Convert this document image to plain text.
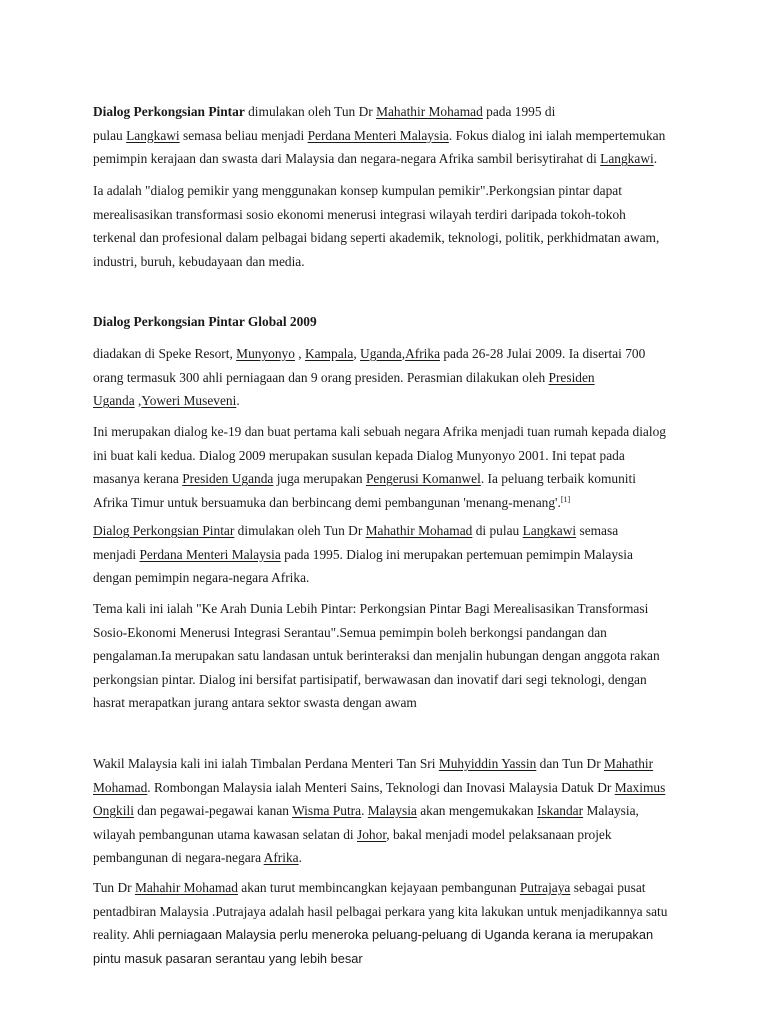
Dialog Perkongsian Pintar dimulakan oleh Tun Dr Mahathir Mohamad pada 1995 di
pulau Langkawi semasa beliau menjadi Perdana Menteri Malaysia. Fokus dialog ini ialah mempertemukan
pemimpin kerajaan dan swasta dari Malaysia dan negara-negara Afrika sambil berisytirahat di Langkawi.
Ia adalah "dialog pemikir yang menggunakan konsep kumpulan pemikir".Perkongsian pintar dapat
merealisasikan transformasi sosio ekonomi menerusi integrasi wilayah terdiri daripada tokoh-tokoh
terkenal dan profesional dalam pelbagai bidang seperti akademik, teknologi, politik, perkhidmatan awam,
industri, buruh, kebudayaan dan media.
Dialog Perkongsian Pintar Global 2009
diadakan di Speke Resort, Munyonyo , Kampala, Uganda,Afrika pada 26-28 Julai 2009. Ia disertai 700
orang termasuk 300 ahli perniagaan dan 9 orang presiden. Perasmian dilakukan oleh Presiden
Uganda ,Yoweri Museveni.
Ini merupakan dialog ke-19 dan buat pertama kali sebuah negara Afrika menjadi tuan rumah kepada dialog
ini buat kali kedua. Dialog 2009 merupakan susulan kepada Dialog Munyonyo 2001. Ini tepat pada
masanya kerana Presiden Uganda juga merupakan Pengerusi Komanwel. Ia peluang terbaik komuniti
Afrika Timur untuk bersuamuka dan berbincang demi pembangunan 'menang-menang'.[1]
Dialog Perkongsian Pintar dimulakan oleh Tun Dr Mahathir Mohamad di pulau Langkawi semasa
menjadi Perdana Menteri Malaysia pada 1995. Dialog ini merupakan pertemuan pemimpin Malaysia
dengan pemimpin negara-negara Afrika.
Tema kali ini ialah "Ke Arah Dunia Lebih Pintar: Perkongsian Pintar Bagi Merealisasikan Transformasi
Sosio-Ekonomi Menerusi Integrasi Serantau".Semua pemimpin boleh berkongsi pandangan dan
pengalaman.Ia merupakan satu landasan untuk berinteraksi dan menjalin hubungan dengan anggota rakan
perkongsian pintar. Dialog ini bersifat partisipatif, berwawasan dan inovatif dari segi teknologi, dengan
hasrat merapatkan jurang antara sektor swasta dengan awam
Wakil Malaysia kali ini ialah Timbalan Perdana Menteri Tan Sri Muhyiddin Yassin dan Tun Dr Mahathir
Mohamad. Rombongan Malaysia ialah Menteri Sains, Teknologi dan Inovasi Malaysia Datuk Dr Maximus
Ongkili dan pegawai-pegawai kanan Wisma Putra. Malaysia akan mengemukakan Iskandar Malaysia,
wilayah pembangunan utama kawasan selatan di Johor, bakal menjadi model pelaksanaan projek
pembangunan di negara-negara Afrika.
Tun Dr Mahahir Mohamad akan turut membincangkan kejayaan pembangunan Putrajaya sebagai pusat
pentadbiran Malaysia .Putrajaya adalah hasil pelbagai perkara yang kita lakukan untuk menjadikannya satu
reality. Ahli perniagaan Malaysia perlu meneroka peluang-peluang di Uganda kerana ia merupakan
pintu masuk pasaran serantau yang lebih besar
